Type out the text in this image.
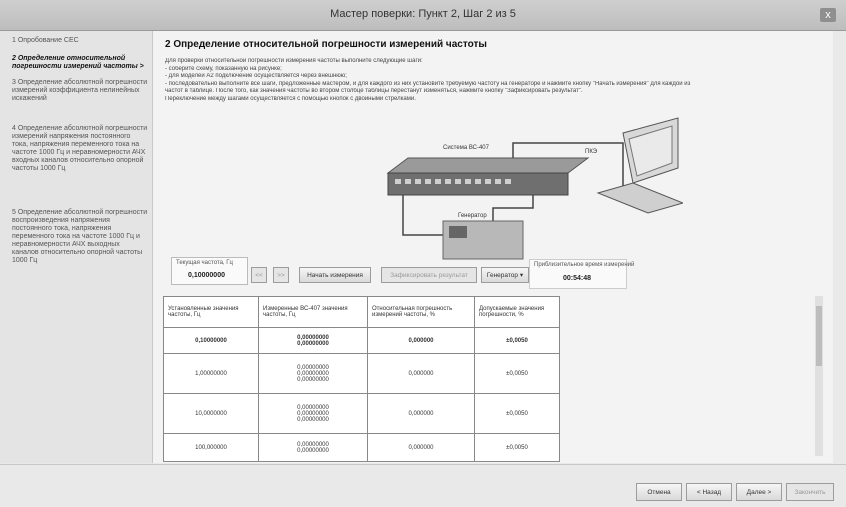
Мастер поверки: Пункт 2, Шаг 2 из 5	x
1 Опробование СЕС
2 Определение относительной погрешности измерений частоты >
3 Определение абсолютной погрешности измерений коэффициента нелинейных искажений
4 Определение абсолютной погрешности измерений напряжения постоянного тока, напряжения переменного тока на частоте 1000 Гц и неравномерности АЧХ входных каналов относительно опорной частоты 1000 Гц
5 Определение абсолютной погрешности воспроизведения напряжения постоянного тока, напряжения переменного тока на частоте 1000 Гц и неравномерности АЧХ выходных каналов относительно опорной частоты 1000 Гц
2 Определение относительной погрешности измерений частоты
Для проверки относительной погрешности измерения частоты выполните следующие шаги:
- соберите схему, показанную на рисунке;
- для моделей А2 подключение осуществляется через внешнюю;
- последовательно выполните все шаги, предложенные мастером, и для каждого из них установите требуемую частоту на генераторе и нажмите кнопку "Начать измерения" для каждой из
частот в таблице. После того, как значения частоты во втором столбце таблицы перестанут изменяться, нажмите кнопку "Зафиксировать результат".
Переключение между шагами осуществляется с помощью кнопок с двойными стрелками.
Система ВС-407
ПКЭ
Генератор
Текущая частота, Гц
0,10000000	<<	>>	Начать измерения	Зафиксировать результат	Генератор ▾
Приблизительное время измерений
00:54:48
Установленные значения частоты, Гц	Измеренные ВС-407 значения частоты, Гц	Относительная погрешность измерений частоты, %	Допускаемые значения погрешности, %
0,10000000	0,00000000
0,00000000	0,000000	±0,0050
1,00000000	0,00000000
0,00000000
0,00000000	0,000000	±0,0050
10,0000000	0,00000000
0,00000000
0,00000000	0,000000	±0,0050
100,000000	0,00000000
0,00000000	0,000000	±0,0050
Отмена	< Назад	Далее >	Закончить
